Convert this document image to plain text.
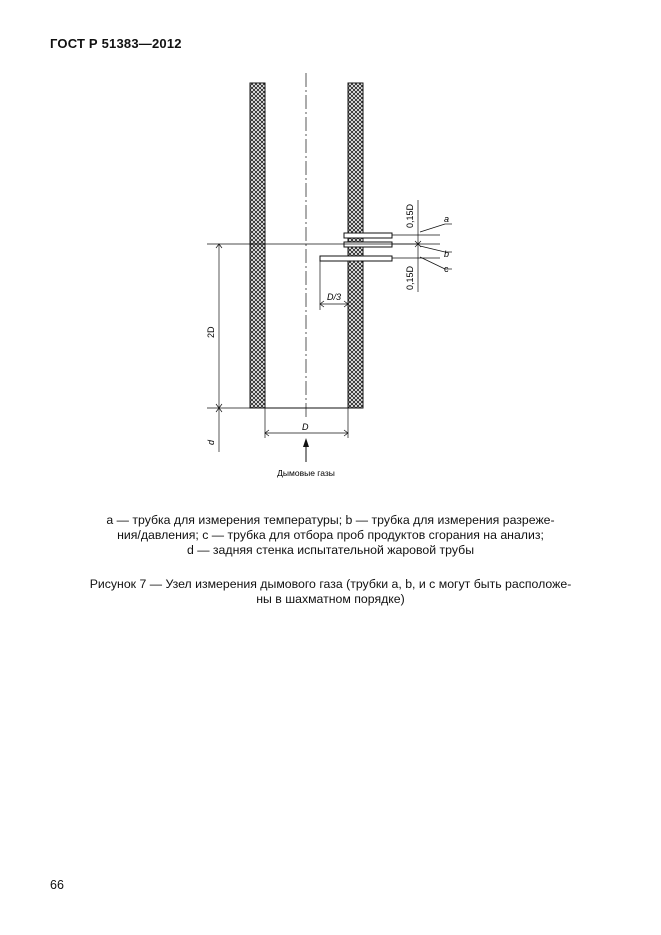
ГОСТ Р 51383—2012
a
b
c
0,15D
0,15D
D/3
2D
d
D
Дымовые газы

a — трубка для измерения температуры; b — трубка для измерения разреже-

ния/давления; с — трубка для отбора проб продуктов сгорания на анализ;

d — задняя стенка испытательной жаровой трубы

Рисунок 7 — Узел измерения дымового газа (трубки a, b, и с могут быть расположе-

ны в шахматном порядке)

66
